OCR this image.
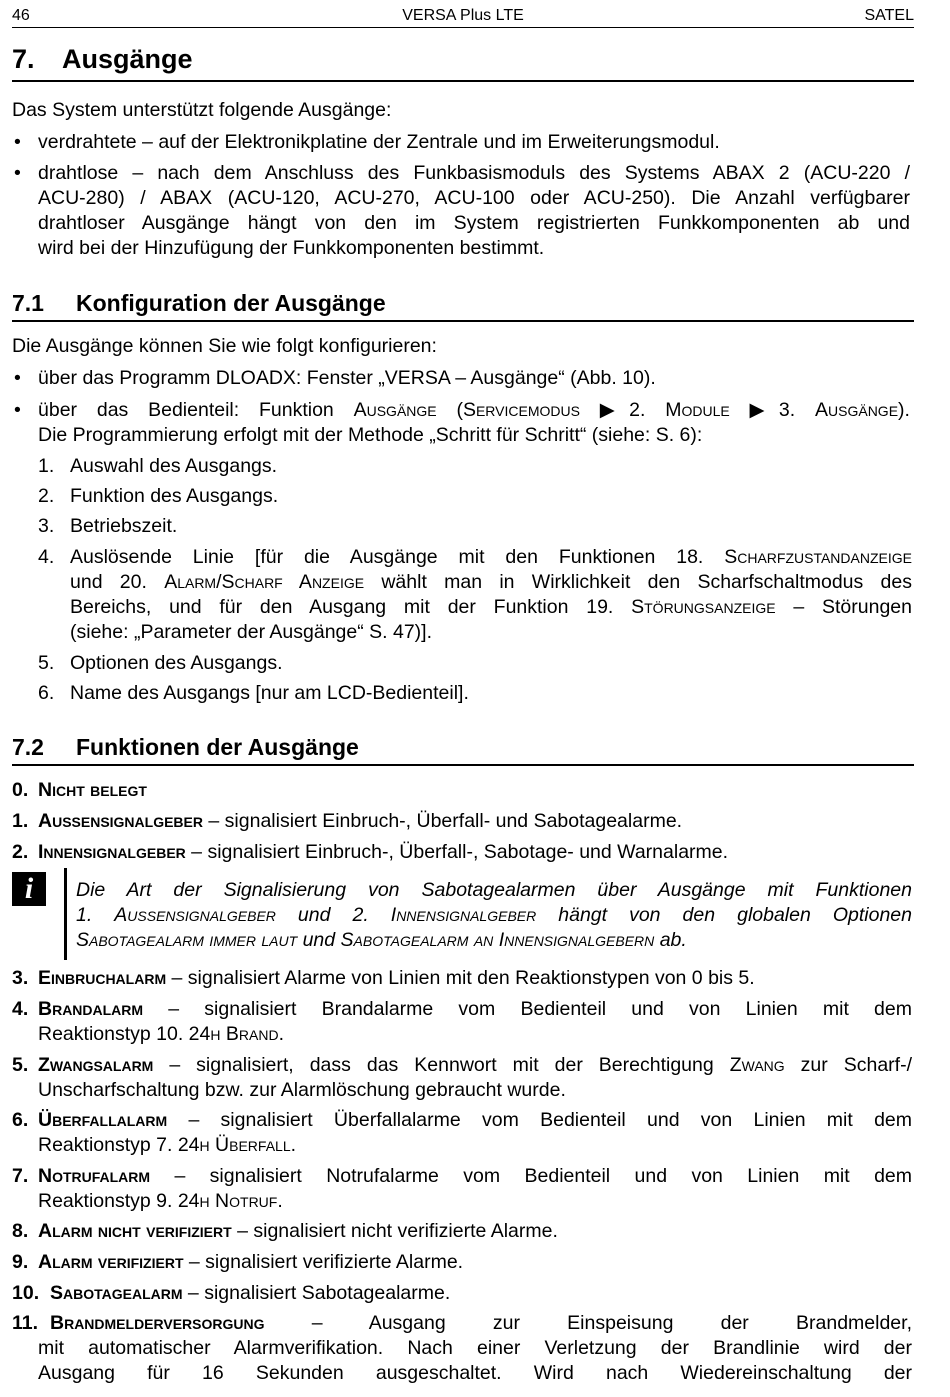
46	VERSA Plus LTE	SATEL
7. Ausgänge
Das System unterstützt folgende Ausgänge:
• verdrahtete – auf der Elektronikplatine der Zentrale und im Erweiterungsmodul.
• drahtlose – nach dem Anschluss des Funkbasismoduls des Systems ABAX 2 (ACU-220 /
ACU-280) / ABAX (ACU-120, ACU-270, ACU-100 oder ACU-250). Die Anzahl verfügbarer
drahtloser Ausgänge hängt von den im System registrierten Funkkomponenten ab und
wird bei der Hinzufügung der Funkkomponenten bestimmt.
7.1 Konfiguration der Ausgänge
Die Ausgänge können Sie wie folgt konfigurieren:
• über das Programm DLOADX: Fenster „VERSA – Ausgänge“ (Abb. 10).
• über das Bedienteil: Funktion Ausgänge (Servicemodus ▶2. Module ▶3. Ausgänge).
Die Programmierung erfolgt mit der Methode „Schritt für Schritt“ (siehe: S. 6):
1. Auswahl des Ausgangs.
2. Funktion des Ausgangs.
3. Betriebszeit.
4. Auslösende Linie [für die Ausgänge mit den Funktionen 18. Scharfzustandanzeige
und 20. Alarm/Scharf Anzeige wählt man in Wirklichkeit den Scharfschaltmodus des
Bereichs, und für den Ausgang mit der Funktion 19. Störungsanzeige – Störungen
(siehe: „Parameter der Ausgänge“ S. 47)].
5. Optionen des Ausgangs.
6. Name des Ausgangs [nur am LCD-Bedienteil].
7.2 Funktionen der Ausgänge
0. Nicht belegt
1. Außensignalgeber – signalisiert Einbruch-, Überfall- und Sabotagealarme.
2. Innensignalgeber – signalisiert Einbruch-, Überfall-, Sabotage- und Warnalarme.
i	Die Art der Signalisierung von Sabotagealarmen über Ausgänge mit Funktionen
1. Außensignalgeber und 2. Innensignalgeber hängt von den globalen Optionen
Sabotagealarm immer laut und Sabotagealarm an Innensignalgebern ab.
3. Einbruchalarm – signalisiert Alarme von Linien mit den Reaktionstypen von 0 bis 5.
4. Brandalarm – signalisiert Brandalarme vom Bedienteil und von Linien mit dem
Reaktionstyp 10. 24h Brand.
5. Zwangsalarm – signalisiert, dass das Kennwort mit der Berechtigung Zwang zur Scharf-/
Unscharfschaltung bzw. zur Alarmlöschung gebraucht wurde.
6. Überfallalarm – signalisiert Überfallalarme vom Bedienteil und von Linien mit dem
Reaktionstyp 7. 24h Überfall.
7. Notrufalarm – signalisiert Notrufalarme vom Bedienteil und von Linien mit dem
Reaktionstyp 9. 24h Notruf.
8. Alarm nicht verifiziert – signalisiert nicht verifizierte Alarme.
9. Alarm verifiziert – signalisiert verifizierte Alarme.
10. Sabotagealarm – signalisiert Sabotagealarme.
11. Brandmelderversorgung – Ausgang zur Einspeisung der Brandmelder,
mit automatischer Alarmverifikation. Nach einer Verletzung der Brandlinie wird der
Ausgang für 16 Sekunden ausgeschaltet. Wird nach Wiedereinschaltung der
